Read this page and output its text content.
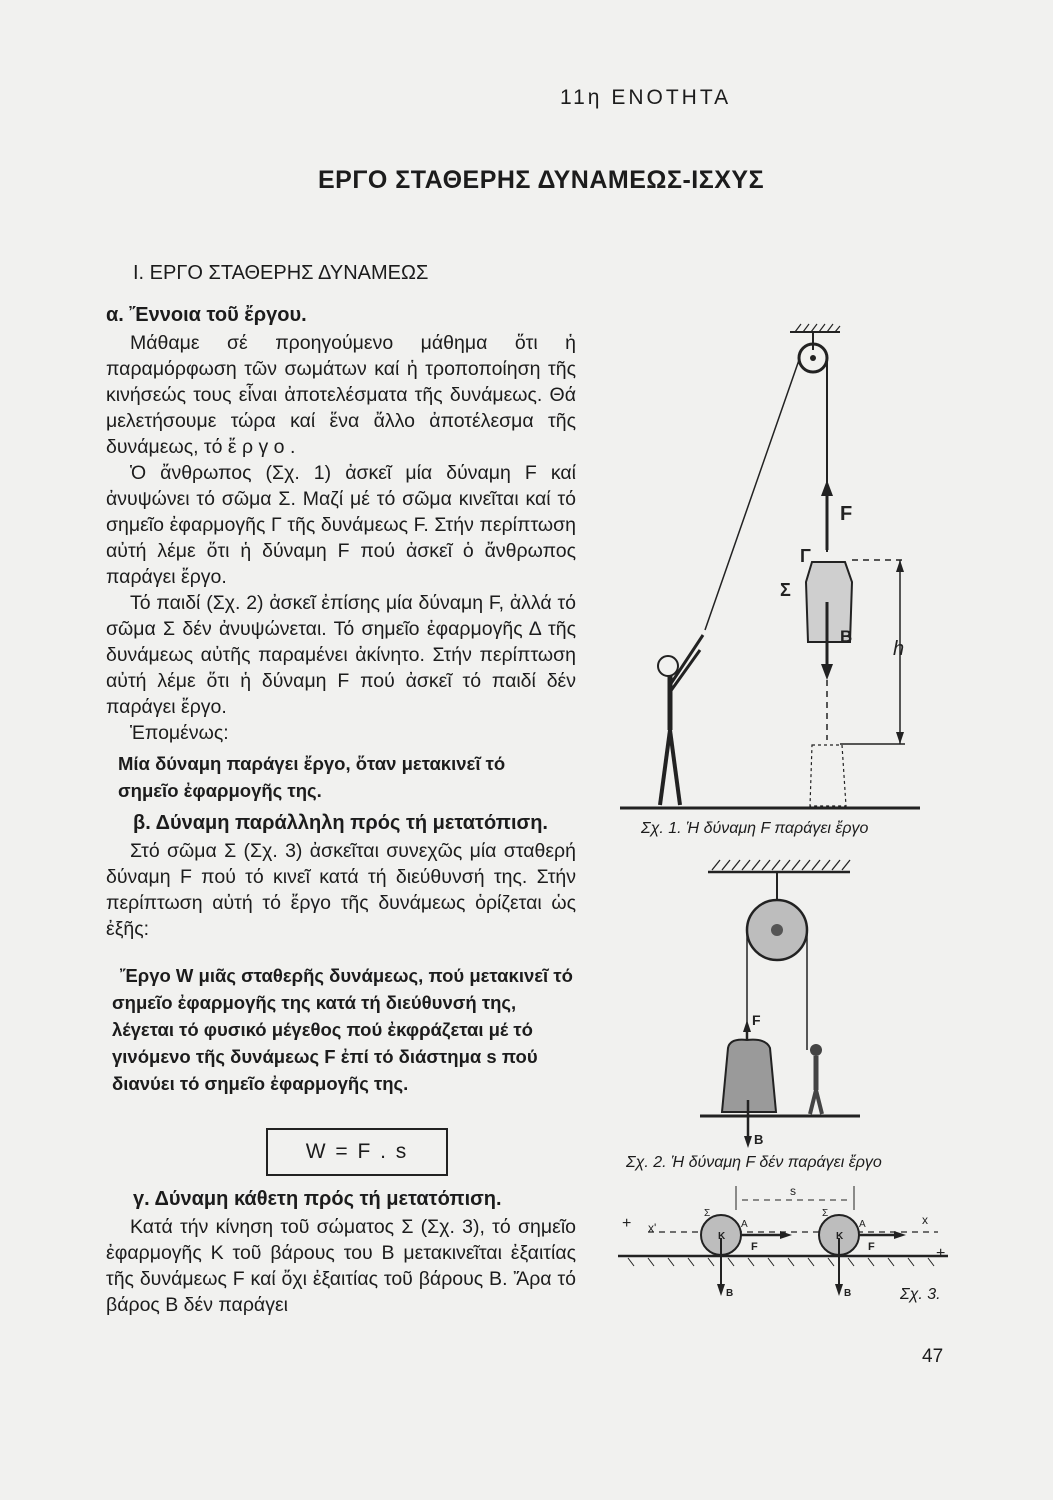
11η ΕΝΟΤΗΤΑ
ΕΡΓΟ ΣΤΑΘΕΡΗΣ ΔΥΝΑΜΕΩΣ-ΙΣΧΥΣ
I. ΕΡΓΟ ΣΤΑΘΕΡΗΣ ΔΥΝΑΜΕΩΣ
α. Ἔννοια τοῦ ἔργου.
Μάθαμε σέ προηγούμενο μάθημα ὅτι ἡ παραμόρφωση τῶν σωμάτων καί ἡ τροποποίηση τῆς κινήσεώς τους εἶναι ἀποτελέσματα τῆς δυνάμεως. Θά μελετήσουμε τώρα καί ἕνα ἄλλο ἀποτέλεσμα τῆς δυνάμεως, τό ἔ ρ γ ο .
Ὁ ἄνθρωπος (Σχ. 1) ἀσκεῖ μία δύναμη F καί ἀνυψώνει τό σῶμα Σ. Μαζί μέ τό σῶμα κινεῖται καί τό σημεῖο ἐφαρμογῆς Γ τῆς δυνάμεως F. Στήν περίπτωση αὐτή λέμε ὅτι ἡ δύναμη F πού ἀσκεῖ ὁ ἄνθρωπος παράγει ἔργο.
Τό παιδί (Σχ. 2) ἀσκεῖ ἐπίσης μία δύναμη F, ἀλλά τό σῶμα Σ δέν ἀνυψώνεται. Τό σημεῖο ἐφαρμογῆς Δ τῆς δυνάμεως αὐτῆς παραμένει ἀκίνητο. Στήν περίπτωση αὐτή λέμε ὅτι ἡ δύναμη F πού ἀσκεῖ τό παιδί δέν παράγει ἔργο.
Ἑπομένως:
Μία δύναμη παράγει ἔργο, ὅταν μετακινεῖ τό σημεῖο ἐφαρμογῆς της.
β. Δύναμη παράλληλη πρός τή μετατόπιση.
Στό σῶμα Σ (Σχ. 3) ἀσκεῖται συνεχῶς μία σταθερή δύναμη F πού τό κινεῖ κατά τή διεύθυνσή της. Στήν περίπτωση αὐτή τό ἔργο τῆς δυνάμεως ὁρίζεται ὡς ἐξῆς:
Ἔργο W μιᾶς σταθερῆς δυνάμεως, πού μετακινεῖ τό σημεῖο ἐφαρμογῆς της κατά τή διεύθυνσή της, λέγεται τό φυσικό μέγεθος πού ἐκφράζεται μέ τό γινόμενο τῆς δυνάμεως F ἐπί τό διάστημα s πού διανύει τό σημεῖο ἐφαρμογῆς της.
W = F . s
γ. Δύναμη κάθετη πρός τή μετατόπιση.
Κατά τήν κίνηση τοῦ σώματος Σ (Σχ. 3), τό σημεῖο ἐφαρμογῆς Κ τοῦ βάρους του Β μετακινεῖται ἐξαιτίας τῆς δυνάμεως F καί ὄχι ἐξαιτίας τοῦ βάρους Β. Ἄρα τό βάρος Β δέν παράγει
F
Γ
Σ
Β
h
Σχ. 1. Ἡ δύναμη F παράγει ἔργο
F
Β
Σχ. 2. Ἡ δύναμη F δέν παράγει ἔργο
+ x'
x
+
s
Κ
Σ
Α
F
Β
Κ
Σ
Α
F
Β	Σχ. 3.
47
